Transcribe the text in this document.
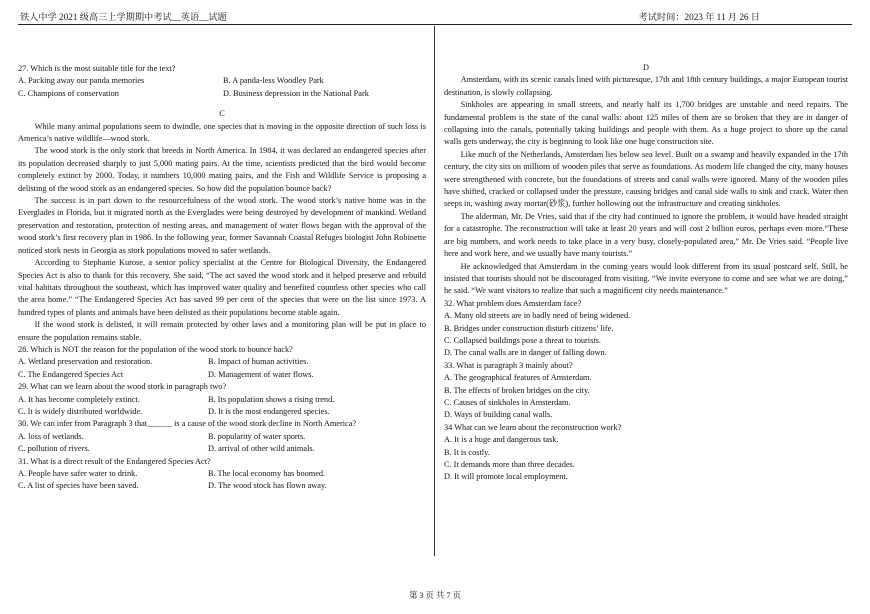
铁人中学 2021 级高三上学期期中考试__英语__试题	考试时间：2023 年 11 月 26 日
27. Which is the most suitable title for the text?
A. Packing away our panda memories	B. A panda-less Woodley Park
C. Champions of conservation	D. Business depression in the National Park
C

While many animal populations seem to dwindle, one species that is moving in the opposite direction of such loss is America’s native wildlife—wood stork.

The wood stork is the only stork that breeds in North America. In 1984, it was declared an endangered species after its population decreased sharply to just 5,000 mating pairs. At the time, scientists predicted that the bird would become completely extinct by 2000. Today, it numbers 10,000 mating pairs, and the Fish and Wildlife Service is proposing a delisting of the wood stork as an endangered species. So how did the population bounce back?

The success is in part down to the resourcefulness of the wood stork. The wood stork’s native home was in the Everglades in Florida, but it migrated north as the Everglades were being destroyed by development of mankind. Wetland preservation and restoration, protection of nesting areas, and management of water flows began with the approval of the wood stork’s first recovery plan in 1986. In the following year, former Savannah Coastal Refuges biologist John Robinette noticed stork nests in Georgia as stork populations moved to safer wetlands.

According to Stephanie Kurose, a senior policy specialist at the Centre for Biological Diversity, the Endangered Species Act is also to thank for this recovery. She said, “The act saved the wood stork and it helped preserve and rebuild vital habitats throughout the southeast, which has improved water quality and benefited countless other species who call the area home.” “The Endangered Species Act has saved 99 per cent of the species that were on the list since 1973. A hundred types of plants and animals have been delisted as their populations become stable again.

If the wood stork is delisted, it will remain protected by other laws and a monitoring plan will be put in place to ensure the population remains stable.

28. Which is NOT the reason for the population of the wood stork to bounce back?
A. Wetland preservation and restoration.	B. Impact of human activities.
C. The Endangered Species Act	D. Management of water flows.
29. What can we learn about the wood stork in paragraph two?
A. It has become completely extinct.	B. Its population shows a rising trend.
C. It is widely distributed worldwide.	D. It is the most endangered species.
30. We can infer from Paragraph 3 that______ is a cause of the wood stork decline in North America?
A. loss of wetlands.	B. popularity of water sports.
C. pollution of rivers.	D. arrival of other wild animals.
31. What is a direct result of the Endangered Species Act?
A. People have safer water to drink.	B. The local economy has boomed.
C. A list of species have been saved.	D. The wood stock has flown away.
D

Amsterdam, with its scenic canals lined with picturesque, 17th and 18th century buildings, a major European tourist destination, is slowly collapsing.

Sinkholes are appearing in small streets, and nearly half its 1,700 bridges are unstable and need repairs. The fundamental problem is the state of the canal walls: about 125 miles of them are so broken that they are in danger of collapsing into the canals, potentially taking buildings and people with them. As a huge project to shore up the canal walls gets underway, the city is beginning to look like one huge construction site.

Like much of the Netherlands, Amsterdam lies below sea level. Built on a swamp and heavily expanded in the 17th century, the city sits on millions of wooden piles that serve as foundations. As modern life changed the city, many houses were strengthened with concrete, but the foundations of streets and canal walls were ignored. Many of the wooden piles have shifted, cracked or collapsed under the pressure, causing bridges and canal side walls to sink and crack. Water then seeps in, washing away mortar(砂浆), further hollowing out the infrastructure and creating sinkholes.

The alderman, Mr. De Vries, said that if the city had continued to ignore the problem, it would have headed straight for a catastrophe. The reconstruction will take at least 20 years and will cost 2 billion euros, perhaps even more.“These are big numbers, and work needs to take place in a very busy, closely-populated area,” Mr. De Vries said. “People live here and work here, and we usually have many tourists.”

He acknowledged that Amsterdam in the coming years would look different from its usual postcard self. Still, he insisted that tourists should not be discouraged from visiting. “We invite everyone to come and see what we are doing,” he said. “We want visitors to realize that such a magnificent city needs maintenance.”

32. What problem does Amsterdam face?
A. Many old streets are in badly need of being widened.
B. Bridges under construction disturb citizens’ life.
C. Collapsed buildings pose a threat to tourists.
D. The canal walls are in danger of falling down.
33. What is paragraph 3 mainly about?
A. The geographical features of Amsterdam.
B. The effects of broken bridges on the city.
C. Causes of sinkholes in Amsterdam.
D. Ways of building canal walls.
34 What can we learn about the reconstruction work?
A. It is a huge and dangerous task.
B. It is costly.
C. It demands more than three decades.
D. It will promote local employment.
第 3 页 共 7 页
